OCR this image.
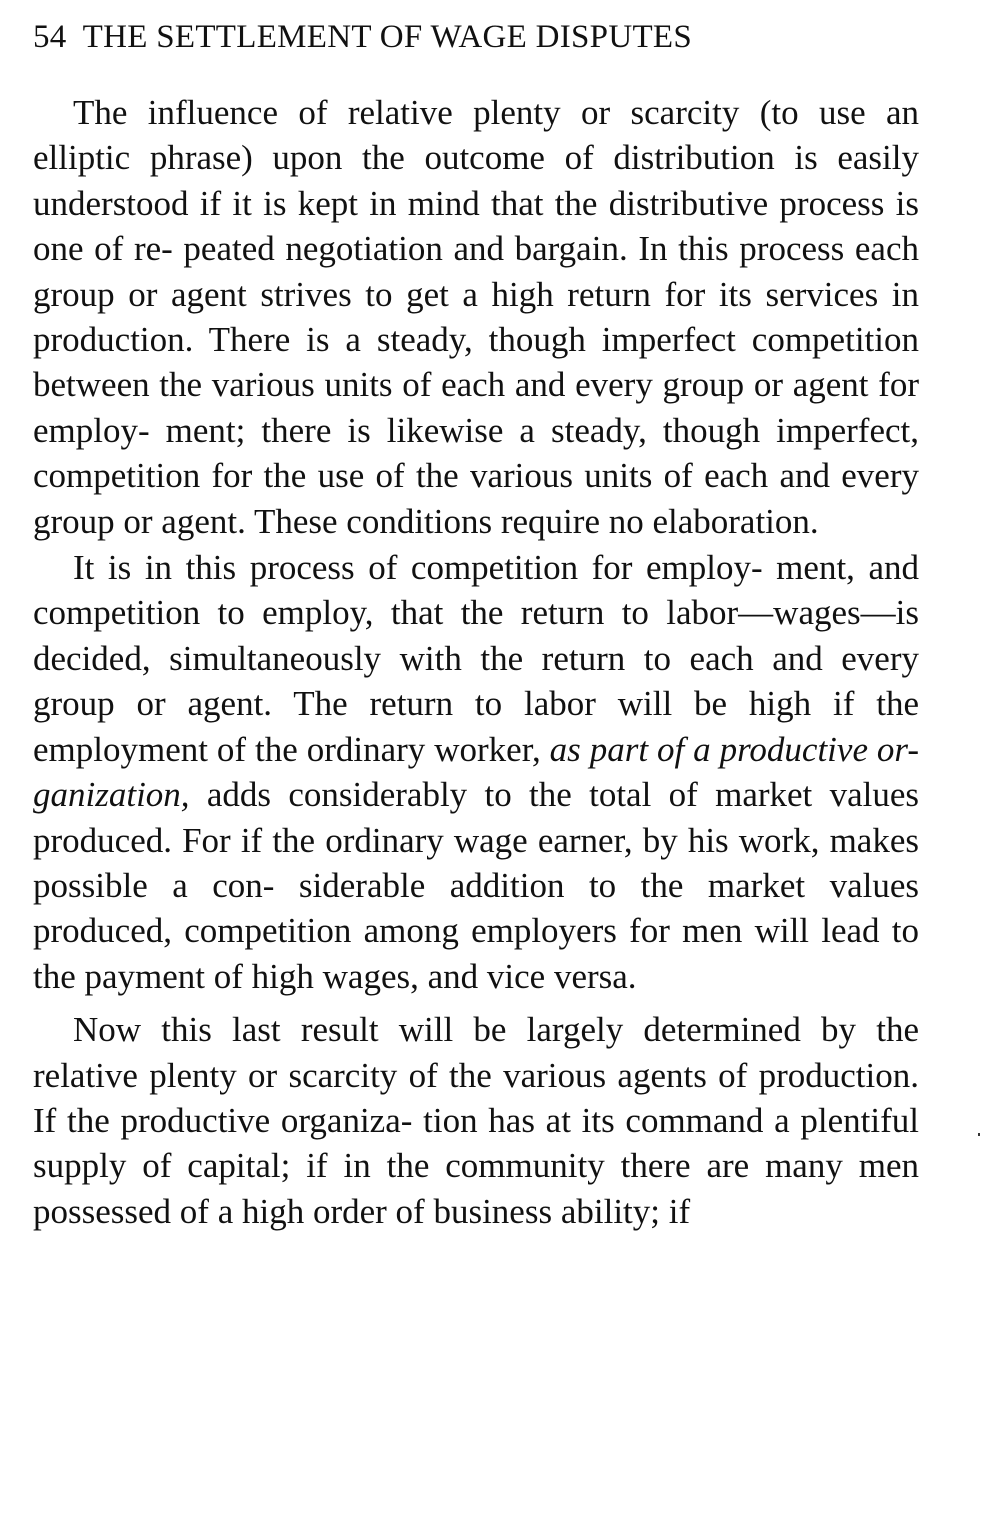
54 THE SETTLEMENT OF WAGE DISPUTES

The influence of relative plenty or scarcity (to use an elliptic phrase) upon the outcome of distribution is easily understood if it is kept in mind that the distributive process is one of re- peated negotiation and bargain. In this process each group or agent strives to get a high return for its services in production. There is a steady, though imperfect competition between the various units of each and every group or agent for employ- ment; there is likewise a steady, though imperfect, competition for the use of the various units of each and every group or agent. These conditions require no elaboration.

It is in this process of competition for employ- ment, and competition to employ, that the return to labor—wages—is decided, simultaneously with the return to each and every group or agent. The return to labor will be high if the employment of the ordinary worker, as part of a productive or- ganization, adds considerably to the total of market values produced. For if the ordinary wage earner, by his work, makes possible a con- siderable addition to the market values produced, competition among employers for men will lead to the payment of high wages, and vice versa.

Now this last result will be largely determined by the relative plenty or scarcity of the various agents of production. If the productive organiza- tion has at its command a plentiful supply of capital; if in the community there are many men possessed of a high order of business ability; if
